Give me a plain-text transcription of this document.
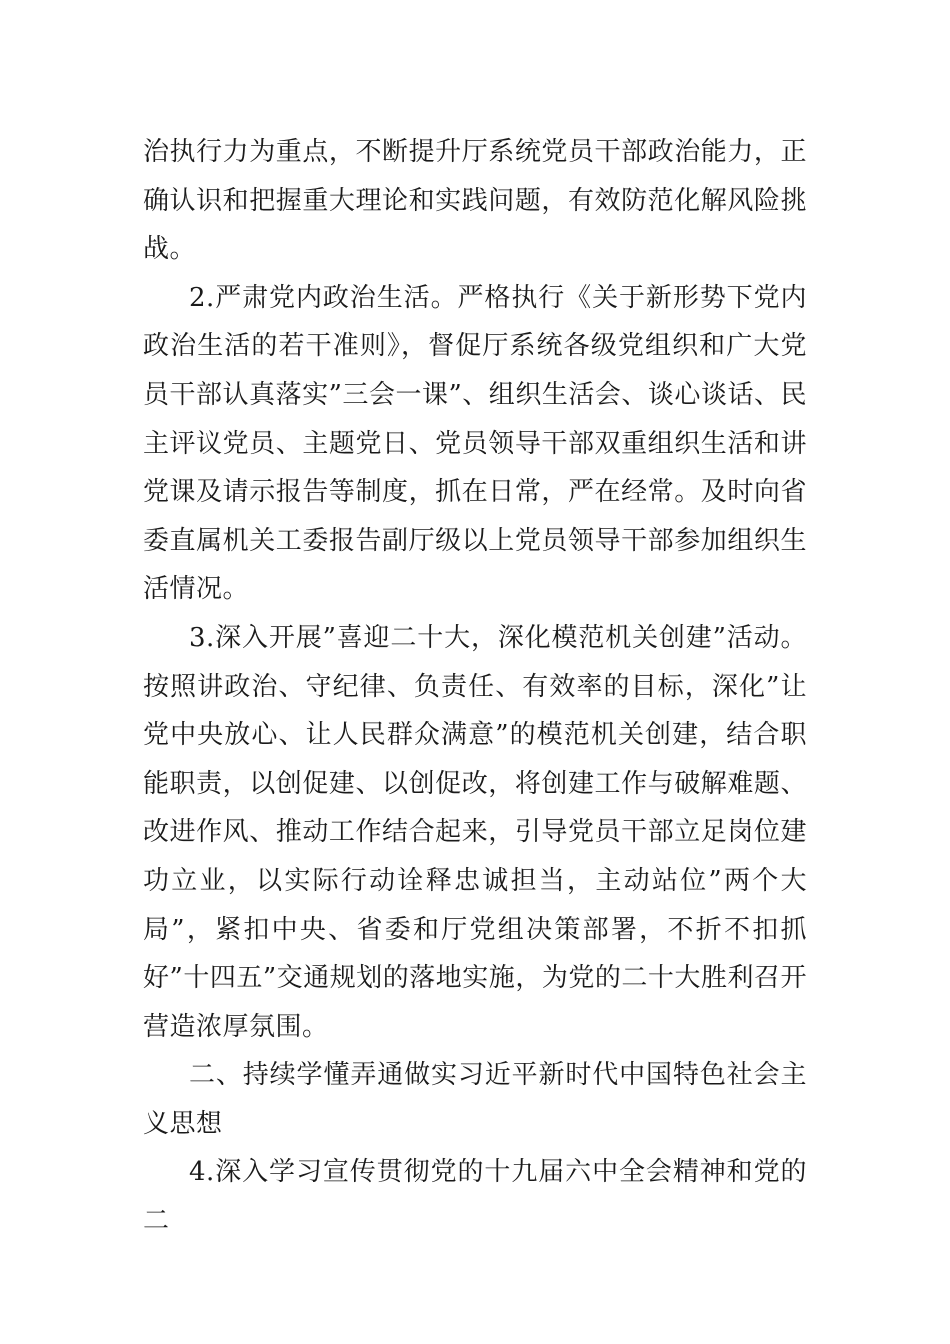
治执行力为重点，不断提升厅系统党员干部政治能力，正确认识和把握重大理论和实践问题，有效防范化解风险挑战。

2.严肃党内政治生活。严格执行《关于新形势下党内政治生活的若干准则》，督促厅系统各级党组织和广大党员干部认真落实”三会一课”、组织生活会、谈心谈话、民主评议党员、主题党日、党员领导干部双重组织生活和讲党课及请示报告等制度，抓在日常，严在经常。及时向省委直属机关工委报告副厅级以上党员领导干部参加组织生活情况。

3.深入开展”喜迎二十大，深化模范机关创建”活动。按照讲政治、守纪律、负责任、有效率的目标，深化”让党中央放心、让人民群众满意”的模范机关创建，结合职能职责，以创促建、以创促改，将创建工作与破解难题、改进作风、推动工作结合起来，引导党员干部立足岗位建功立业，以实际行动诠释忠诚担当，主动站位”两个大局”，紧扣中央、省委和厅党组决策部署，不折不扣抓好”十四五”交通规划的落地实施，为党的二十大胜利召开营造浓厚氛围。

二、持续学懂弄通做实习近平新时代中国特色社会主义思想

4.深入学习宣传贯彻党的十九届六中全会精神和党的二
